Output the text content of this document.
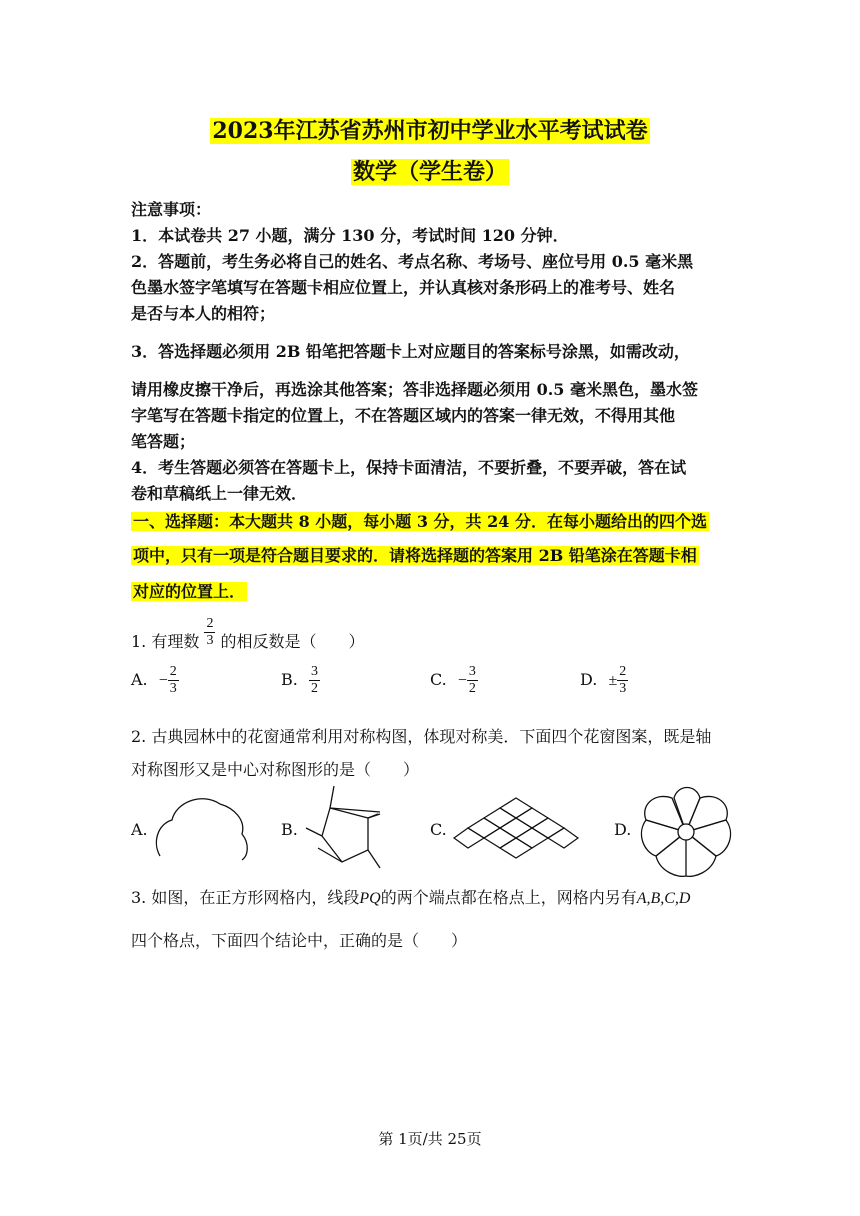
2023年江苏省苏州市初中学业水平考试试卷
数学（学生卷）
注意事项：
1．本试卷共 27 小题，满分 130 分，考试时间 120 分钟．
2．答题前，考生务必将自己的姓名、考点名称、考场号、座位号用 0.5 毫米黑
色墨水签字笔填写在答题卡相应位置上，并认真核对条形码上的准考号、姓名
是否与本人的相符；
3．答选择题必须用 2B 铅笔把答题卡上对应题目的答案标号涂黑，如需改动，
请用橡皮擦干净后，再选涂其他答案；答非选择题必须用 0.5 毫米黑色，墨水签
字笔写在答题卡指定的位置上，不在答题区域内的答案一律无效，不得用其他
笔答题；
4．考生答题必须答在答题卡上，保持卡面清洁，不要折叠，不要弄破，答在试
卷和草稿纸上一律无效．
一、选择题：本大题共 8 小题，每小题 3 分，共 24 分．在每小题给出的四个选
项中，只有一项是符合题目要求的．请将选择题的答案用 2B 铅笔涂在答题卡相
对应的位置上．
1. 有理数 $\frac{2}{3}$ 的相反数是（　　）
A. − $\frac{2}{3}$	B. $\frac{3}{2}$	C. − $\frac{3}{2}$	D. ± $\frac{2}{3}$
2. 古典园林中的花窗通常利用对称构图，体现对称美．下面四个花窗图案，既是轴
对称图形又是中心对称图形的是（　　）
A.	B.	C.	D.
3. 如图，在正方形网格内，线段PQ的两个端点都在格点上，网格内另有A,B,C,D
四个格点，下面四个结论中，正确的是（　　）
第 1页/共 25页
